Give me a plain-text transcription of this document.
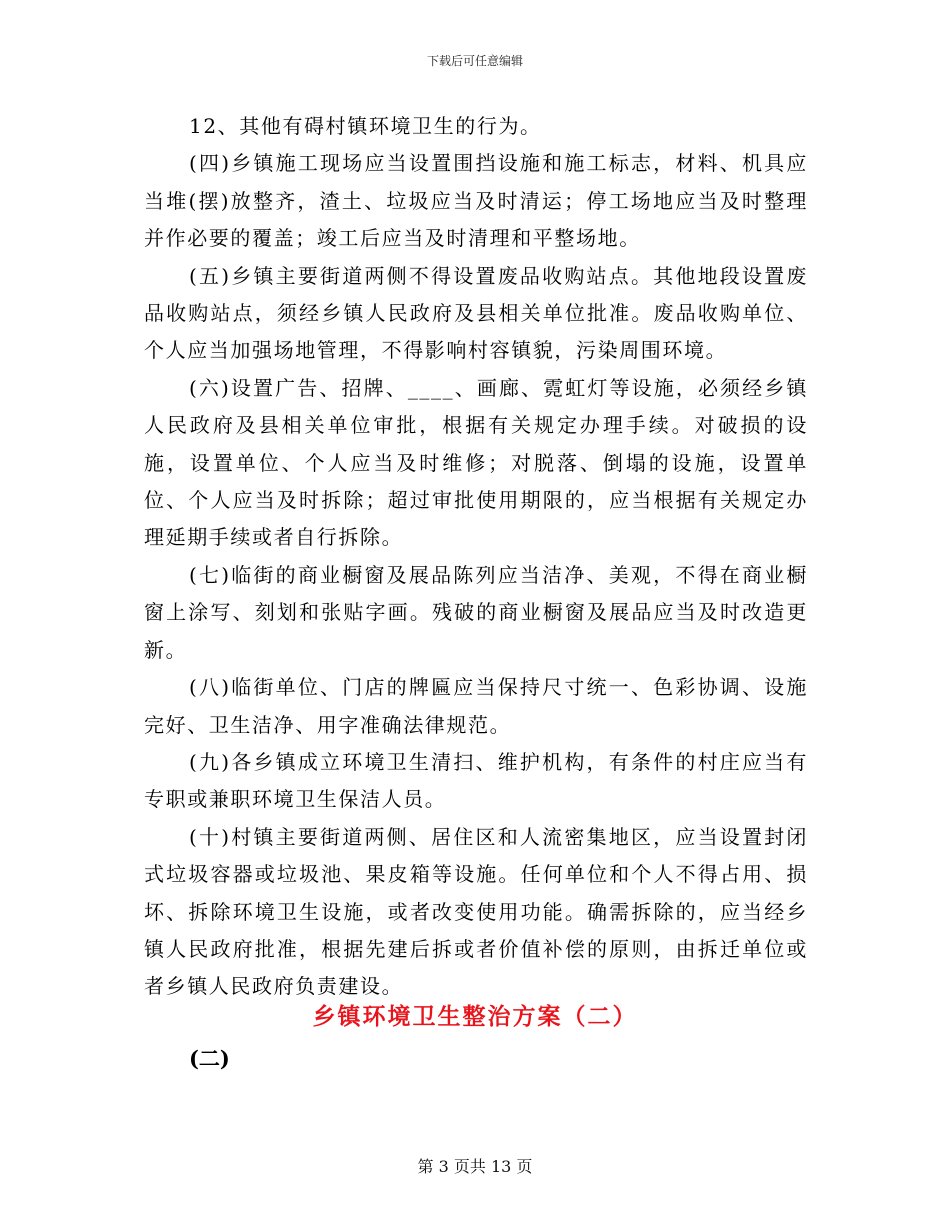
下载后可任意编辑

12、其他有碍村镇环境卫生的行为。

(四)乡镇施工现场应当设置围挡设施和施工标志，材料、机具应当堆(摆)放整齐，渣土、垃圾应当及时清运；停工场地应当及时整理并作必要的覆盖；竣工后应当及时清理和平整场地。

(五)乡镇主要街道两侧不得设置废品收购站点。其他地段设置废品收购站点，须经乡镇人民政府及县相关单位批准。废品收购单位、个人应当加强场地管理，不得影响村容镇貌，污染周围环境。

(六)设置广告、招牌、____、画廊、霓虹灯等设施，必须经乡镇人民政府及县相关单位审批，根据有关规定办理手续。对破损的设施，设置单位、个人应当及时维修；对脱落、倒塌的设施，设置单位、个人应当及时拆除；超过审批使用期限的，应当根据有关规定办理延期手续或者自行拆除。

(七)临街的商业橱窗及展品陈列应当洁净、美观，不得在商业橱窗上涂写、刻划和张贴字画。残破的商业橱窗及展品应当及时改造更新。

(八)临街单位、门店的牌匾应当保持尺寸统一、色彩协调、设施完好、卫生洁净、用字准确法律规范。

(九)各乡镇成立环境卫生清扫、维护机构，有条件的村庄应当有专职或兼职环境卫生保洁人员。

(十)村镇主要街道两侧、居住区和人流密集地区，应当设置封闭式垃圾容器或垃圾池、果皮箱等设施。任何单位和个人不得占用、损坏、拆除环境卫生设施，或者改变使用功能。确需拆除的，应当经乡镇人民政府批准，根据先建后拆或者价值补偿的原则，由拆迁单位或者乡镇人民政府负责建设。

乡镇环境卫生整治方案（二）
(二)
第 3 页共 13 页
